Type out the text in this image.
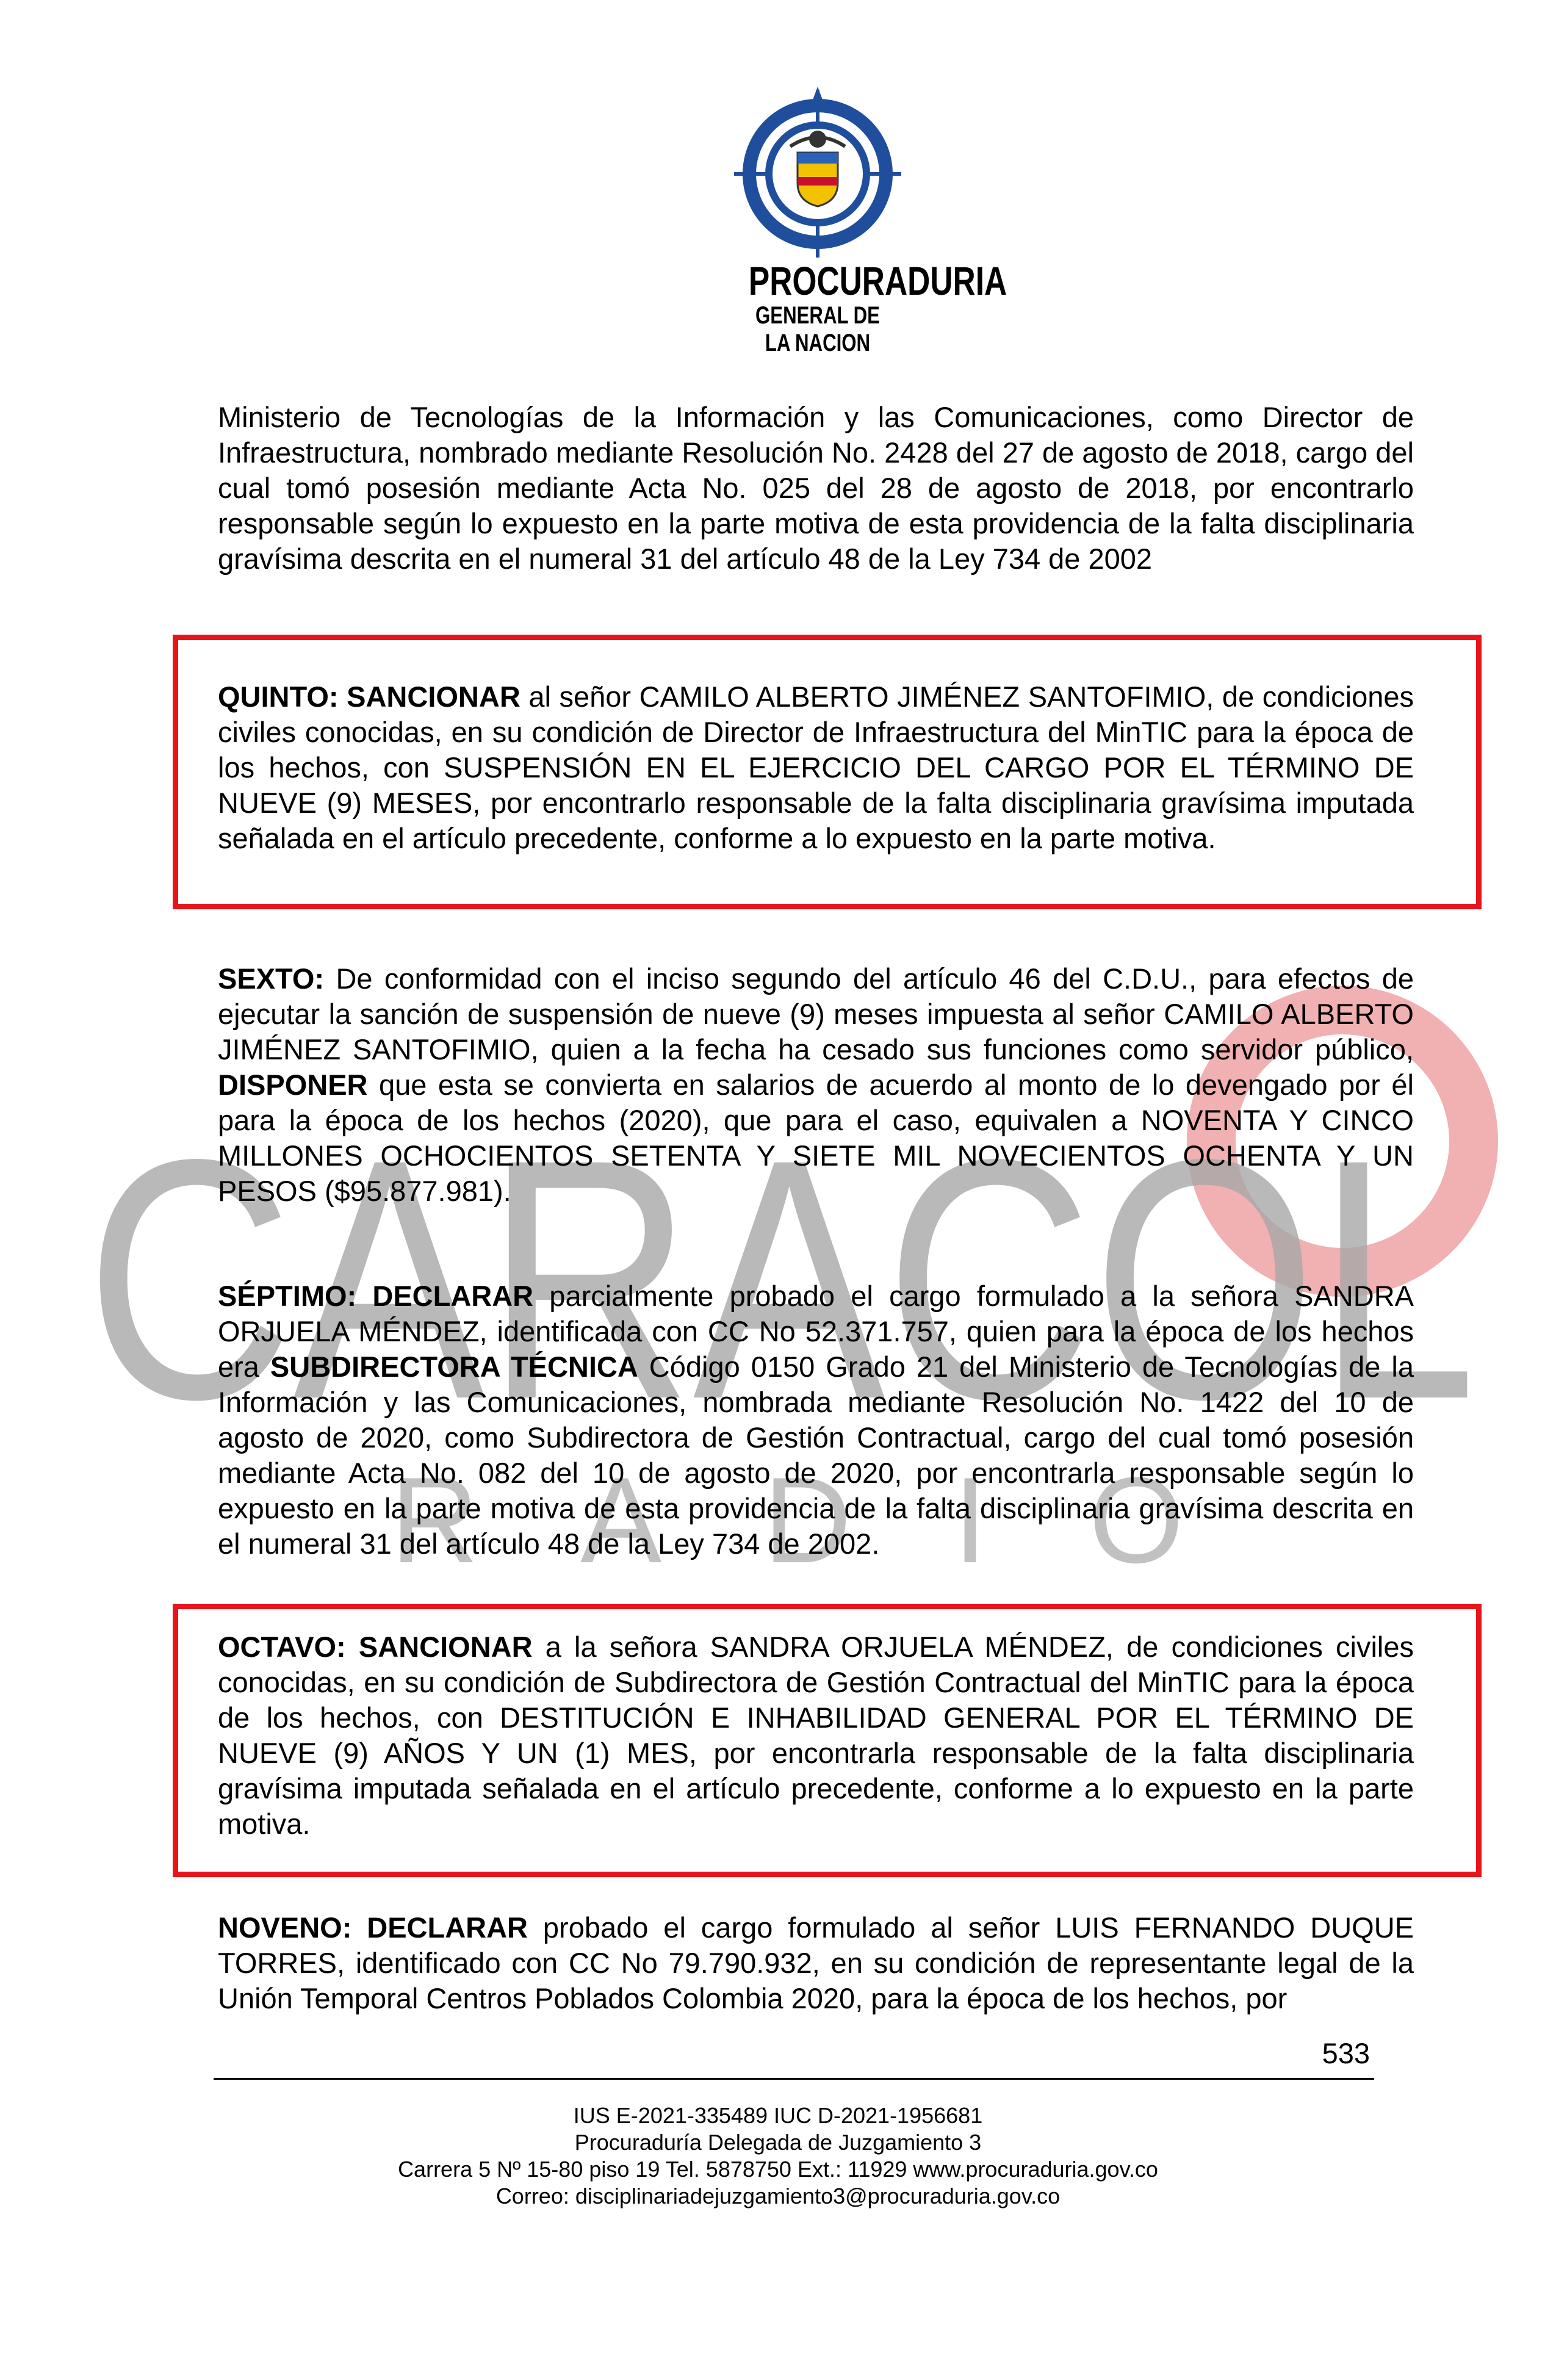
PROCURADURIA
GENERAL DE LA NACION
CARACOL
RADIO

Ministerio de Tecnologías de la Información y las Comunicaciones, como Director de Infraestructura, nombrado mediante Resolución No. 2428 del 27 de agosto de 2018, cargo del cual tomó posesión mediante Acta No. 025 del 28 de agosto de 2018, por encontrarlo responsable según lo expuesto en la parte motiva de esta providencia de la falta disciplinaria gravísima descrita en el numeral 31 del artículo 48 de la Ley 734 de 2002

QUINTO: SANCIONAR al señor CAMILO ALBERTO JIMÉNEZ SANTOFIMIO, de condiciones civiles conocidas, en su condición de Director de Infraestructura del MinTIC para la época de los hechos, con SUSPENSIÓN EN EL EJERCICIO DEL CARGO POR EL TÉRMINO DE NUEVE (9) MESES, por encontrarlo responsable de la falta disciplinaria gravísima imputada señalada en el artículo precedente, conforme a lo expuesto en la parte motiva.

SEXTO: De conformidad con el inciso segundo del artículo 46 del C.D.U., para efectos de ejecutar la sanción de suspensión de nueve (9) meses impuesta al señor CAMILO ALBERTO JIMÉNEZ SANTOFIMIO, quien a la fecha ha cesado sus funciones como servidor público, DISPONER que esta se convierta en salarios de acuerdo al monto de lo devengado por él para la época de los hechos (2020), que para el caso, equivalen a NOVENTA Y CINCO MILLONES OCHOCIENTOS SETENTA Y SIETE MIL NOVECIENTOS OCHENTA Y UN PESOS ($95.877.981).

SÉPTIMO: DECLARAR parcialmente probado el cargo formulado a la señora SANDRA ORJUELA MÉNDEZ, identificada con CC No 52.371.757, quien para la época de los hechos era SUBDIRECTORA TÉCNICA Código 0150 Grado 21 del Ministerio de Tecnologías de la Información y las Comunicaciones, nombrada mediante Resolución No. 1422 del 10 de agosto de 2020, como Subdirectora de Gestión Contractual, cargo del cual tomó posesión mediante Acta No. 082 del 10 de agosto de 2020, por encontrarla responsable según lo expuesto en la parte motiva de esta providencia de la falta disciplinaria gravísima descrita en el numeral 31 del artículo 48 de la Ley 734 de 2002.

OCTAVO: SANCIONAR a la señora SANDRA ORJUELA MÉNDEZ, de condiciones civiles conocidas, en su condición de Subdirectora de Gestión Contractual del MinTIC para la época de los hechos, con DESTITUCIÓN E INHABILIDAD GENERAL POR EL TÉRMINO DE NUEVE (9) AÑOS Y UN (1) MES, por encontrarla responsable de la falta disciplinaria gravísima imputada señalada en el artículo precedente, conforme a lo expuesto en la parte motiva.

NOVENO: DECLARAR probado el cargo formulado al señor LUIS FERNANDO DUQUE TORRES, identificado con CC No 79.790.932, en su condición de representante legal de la Unión Temporal Centros Poblados Colombia 2020, para la época de los hechos, por

533
IUS E-2021-335489 IUC D-2021-1956681
Procuraduría Delegada de Juzgamiento 3
Carrera 5 Nº 15-80 piso 19 Tel. 5878750 Ext.: 11929 www.procuraduria.gov.co
Correo: disciplinariadejuzgamiento3@procuraduria.gov.co
